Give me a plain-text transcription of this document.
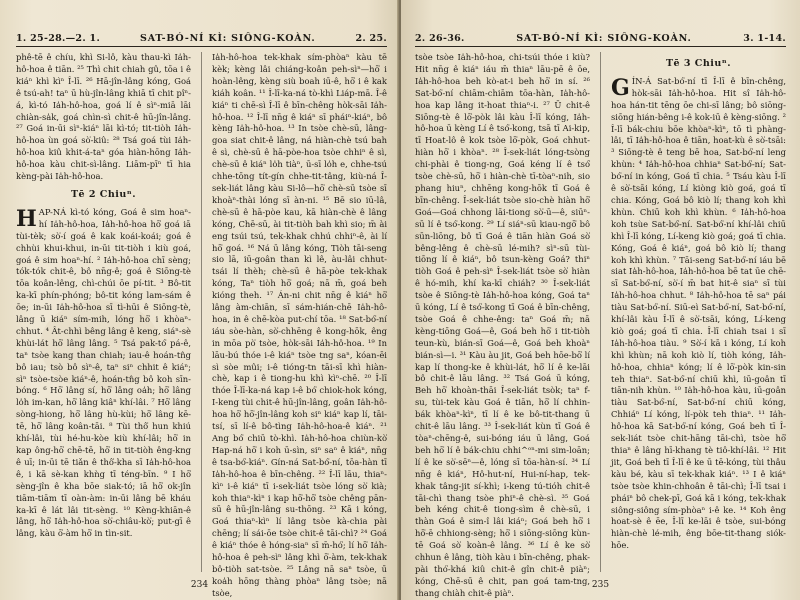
1. 25-28.—2. 1.	SAT-BÓ-NÍ KÌ: SIÔNG-KOÀN.	2. 25.

phê-tē ê chíu, khì Si-lô, kàu thau-kì Ia̍h-hô-hoa ê tiān. ²⁵ Thì chit chiah gû, tōa i ê kiáⁿ khì kìⁿ Î-lī. ²⁶ Hā-jîn-lâng kóng, Goá ê tsú-ah! taⁿ ū hù-jîn-lâng khiā tī chit pîⁿ-á, kì-tó Ia̍h-hô-hoa, goá lí ê sìⁿ-miā lāi chiàn-sa̍k, goá chìn-sì chit-ê hū-jîn-lâng. ²⁷ Goá in-ūi sìⁿ-kiáⁿ lāi kì-tó; tit-tiòh Ia̍h-hô-hoa ùn goá sò͘-kiû: ²⁸ Tsá goá tùi Ia̍h-hô-hoa kiû khit-á-taⁿ góa hiàn-hōng Ia̍h-hô-hoa kàu chit-sì-lâng. Liām-pīⁿ tī hia kèng-pài Ia̍h-hô-hoa.

Tē 2 Chiuⁿ.

HAP-NÁ kì-tó kóng, Goá ê sim hoaⁿ-hí Ia̍h-hô-hoa, Ia̍h-hô-hoa hō͘ goá iā tùi-tèk; sò͘-í goá ê kak koái-koái; goá ê chhùi khui-khui, in-ūi tit-tiòh i kiù goá, goá ê sim hoaⁿ-hí. ² Ia̍h-hô-hoa chī sèng; tók-tók chit-ê, bô nn̄g-ê; goá ê Siōng-tè tōa koân-lêng, chì-chúi ōe pí-tit. ³ Bô-tit ka-kī phín-phóng; bô-tit kóng lam-sám ê ōe; in-ūi Ia̍h-hô-hoa sī tì-hūi ê Siōng-tè, lâng ū kiáⁿ sím-mih, lóng hō͘ i khòaⁿ-chhut. ⁴ Ât-chhì bêng lâng ê keng, siáⁿ-sè khùi-lát hō͘ lâng lâng. ⁵ Tsá pak-tó͘ pá-ê, taⁿ tsòe kang than chiah; iau-ê hoán-tn̂g bô iau; tsò bô sìⁿ-ê, taⁿ siⁿ chhit ê kiáⁿ; sìⁿ tsòe-tsòe kiáⁿ-ê, hoán-tn̂g bô koh sīn-bóng. ⁶ Hō͘ lâng sí, hō͘ lâng oa̍h; hō͘ lâng lo̍h im-kan, hō͘ lâng kiâⁿ khí-lâi. ⁷ Hō͘ lâng sòng-hiong, hō͘ lâng hù-kùi; hō͘ lâng kē-tē, hō͘ lâng koân-tāi. ⁸ Tùi thô͘ hun khiú khí-lâi, tùi hé-hu-kòe kiù khí-lâi; hō͘ in kap ông-hō͘ chē-tē, hō͘ in tit-tiòh êng-kng ê uī; in-ūi tē tiǎn ê thô͘-kha sī Ia̍h-hô-hoa ê, i kā sè-kan khǹg tī téng-bīn. ⁹ I hō͘ sèng-jîn ê kha bōe siak-tó; iā hō͘ ok-jîn tiām-tiām tī oàn-àm: in-ūi lâng bē kháu ka-kī ê lát lâi tit-sèng. ¹⁰ Kèng-khiān-ê lâng, hō͘ Ia̍h-hô-hoa sò͘-chiâu-kò͘; put-gī ê lâng, kàu ō͘-àm hō͘ in tìn-sit.

Ia̍h-hô-hoa tek-khak sím-phòaⁿ kàu tē kèk; kèng lâi chiáng-koân peh-sìⁿ—hō͘ i hoàn-lêng, kèng siù boah iū-ê, hō͘ i ê kak kiáh koân. ¹¹ Î-lī-ka-ná tò-khì Liáp-mā. Î-ê kiáⁿ ti chē-sì Î-lī ê bīn-chêng hòk-sāi Ia̍h-hô-hoa. ¹² Î-lī nn̄g ê kiáⁿ sī pháiⁿ-kiáⁿ, bô kèng Ia̍h-hô-hoa. ¹³ In tsòe chè-sū, lâng-goa siat chit-ê lâng, ná hiàn-chè tsú bah ê sì, chè-sū ê hā-pòe-hoa tsòe chhiⁿ ê sì, chè-sū ê kiáⁿ lo̍h tiàⁿ, ū-sī lo̍h e, chhe-tsú chhe-tōng tít-gín chhe-tit-tâng, kiù-ná Î-sek-liát lâng kàu Si-lô—hō͘ chè-sū tsòe sī khoàⁿ-thài lóng sī àn-ni. ¹⁵ Bē sio iū-lâ, chè-sū ê hā-pòe kau, kā hiàn-chè ê lâng kóng, Chē-sū, ài tit-tiòh bah khì sio; m̄ ài eng tsúi tsú, tek-khak chhú chhiⁿ-ê, ài lí hō͘ goá. ¹⁶ Ná ū lâng kóng, Tiòh tāi-seng sio lā, iū-goân than kì lê, àu-lâi chhut-tsái lí thèh; chè-sū ê hā-pòe tek-khak kóng, Taⁿ tiòh hō͘ goá; nā m̄, goá beh kióng theh. ¹⁷ Án-ni chit nn̄g ê kiáⁿ hō͘ lâng àm-chiān, sī sám-hián-chē Ia̍h-hô-hoa, in ê chē-kòa put-chí tōa. ¹⁸ Sat-bó͘-ní iáu sòe-hàn, sò͘-chhēng ê kong-hōk, êng in mōa pò͘ tsòe, hòk-sāi Ia̍h-hô-hoa. ¹⁹ In lāu-bú thóe i-ê kiáⁿ tsòe tng saⁿ, kóan-ēi sì sòe mûi; i-ê tióng-tn tāi-sī khì hiàn-chè, kap i ê tiong-hu khì kìⁿ-chē. ²⁰ Î-lī thóe Î-lī-ka-ná kap i-ê bó͘ chiok-hok kóng, I-keng tùi chit-ê hū-jîn-lâng, goân Ia̍h-hô-hoa hō͘ hō͘-jîn-lâng koh siⁿ kiáⁿ kap lí, tāi-tsí, sī lí-ê bô-tìng Ia̍h-hô-hoa-ê kiáⁿ. ²¹ Ang bó͘ chiū tò-khì. Ia̍h-hô-hoa chiùn-kò͘ Hap-ná hō͘ i koh ū-sìn, siⁿ saⁿ ê kiáⁿ, nn̄g ê tsa-bó͘-kiáⁿ. Gín-ná Sat-bó͘-ní, tōa-hàn tī Ia̍h-hô-hoa ê bīn-chêng. ²² Î-lī lāu, thiaⁿ-kìⁿ i-ê kiáⁿ tī i-sek-liát tsòe lóng sò͘ kià; koh thiaⁿ-kìⁿ i kap hō͘-hō͘ tsòe chêng pān-sū ê hū-jîn-lâng su-thōng. ²³ Kā i kóng, Goá thiaⁿ-kìⁿ lí lâng tsòe kà-chia pài chēng; lí sái-ōe tsòe chit-ê tāi-chì? ²⁴ Goá ê kiáⁿ thóe ê hóng-siaⁿ sī m̄-hó͘; lí hō͘ Ia̍h-hô-hoa ê peh-sìⁿ lâng khì ō͘-àm, tek-khak bô-tiòh sat-tsòe. ²⁵ Lâng nā saⁿ tsòe, ū koa̍h hōng thàng phòaⁿ lâng tsòe; nā tsòe,

234
2. 26-36.	SAT-BÓ-NÍ KÌ: SIÔNG-KOÀN.	3. 1-14.

tsòe tsòe Ia̍h-hô-hoa, chi-tsúi thóe i kiù? Hit nn̄g ê kiáⁿ iáu m̄ thiaⁿ lāu-pē ê ōe, Ia̍h-hô-hoa beh kò-at-i beh hō͘ in sí. ²⁶ Sat-bó͘-ní chiām-chiām tōa-hàn, Ia̍h-hô-hoa kap lâng it-hoat thiaⁿ-i. ²⁷ Ū chit-ê Siōng-tè ê lō͘-pòk lâi kàu Î-lī kóng, Ia̍h-hô-hoa ū kèng Lí ê tsó͘-kong, tsā tī Ai-kip, tī Hoat-lô ê kok tsòe lō͘-pòk, Goá chhut-hiàn hō͘ i khòaⁿ. ²⁸ Î-sek-liát lóng-tsòng chi-phài ê tiong-ng, Goá kéng lí ê tsó͘ tsòe chè-sū, hō͘ i hiàn-chè tī-tòaⁿ-nih, sio phang hiuⁿ, chhēng kong-hōk tī Goá ê bīn-chêng. Î-sek-liát tsòe sio-chè hiàn hō͘ Goá—Goá chhong lāi-tiong sò͘-ū—ê, siūⁿ-sū lí ê tsó͘-kong. ²⁹ Lí siáⁿ-sū kiau-ngō͘ bô sūn-liōng, bô tī Goá ê tiān hiàn Goá sò͘ bêng-lêng ê chè-sū lé-mih? sìⁿ-sū tùi-tiōng lí ê kiáⁿ, bô tsun-kèng Goá? thiⁿ tiòh Goá ê peh-sìⁿ Î-sek-liát tsòe sò͘ hiàn ê hó-mih, khí ka-kī chiáh? ³⁰ Î-sek-liát tsòe ê Siōng-tè Ia̍h-hô-hoa kóng, Goá taⁿ ū kóng, Lí ê tsó͘-kong tī Goá ê bīn-chêng, tsòe Goá ê chhe-êng: taⁿ Goá m̄; nā kèng-tiōng Goá—ê, Goá beh hō͘ i tit-tiòh teun-kù, bián-sī Goá—ê, Goá beh khoàⁿ bián-sì—i. ³¹ Kàu àu jit, Goá beh hōe-bō͘ lí kap lí thong-ke ê khùi-lát, hō͘ lí ê ke-lāi bô chit-ê lāu lâng. ³² Tsá Goá ū kóng, Beh hō͘ khoàn-thāi Î-sek-liát tsòk; taⁿ f-su, tùi-tek kàu Goá ê tiān, hō͘ lí chhin-bák khòaⁿ-kìⁿ, tī lí ê ke bô-tit-thang ū chit-ê lāu lâng. ³³ Î-sek-liát kùn tī Goá ê tòaⁿ-chēng-ê, sui-bóng iáu ū lâng, Goá beh hō͘ lí ê bák-chiu chhi^ᵒⁿ-mi sim-loān; lí ê ke sò͘-sēⁿ—ê, lóng sī tōa-hàn-sí. ³⁴ Lí nn̄g ê kiáⁿ, Hô-hut-ní, Hui-ní-hap, tek-khak tâng-jit sí-khì; i-keng tú-tióh chit-ê tāi-chì thang tsòe phiⁿ-ê chè-sì. ³⁵ Goá beh kéng chit-ê tiong-sìm ê chè-sū, i thàn Goá ê sim-î lâi kiáⁿ; Goá beh hō͘ i hō͘-ē chhiong-sèng; hō͘ i siōng-siōng kùn-tē Goá sò͘ koàn-ê lâng. ³⁶ Lí ê ke sò͘ chhun ê lâng, tiòh kàu i bīn-chêng, phak-pài thó͘-khá kiû chit-ê gîn chit-ê piàⁿ; kóng, Chē-sū ê chit, pan goá tam-tng, thang chiàh chit-ê piàⁿ.

Tē 3 Chiuⁿ.

GÍN-Á Sat-bó͘-ní tī Î-lī ê bīn-chêng, hòk-sāi Ia̍h-hô-hoa. Hit sî Ia̍h-hô-hoa hán-tit tēng ōe chi-sī lâng; bô siōng-siōng hián-bêng i-ê kok-iū ê kèng-siōng. ² Î-lī bák-chiu bōe khòaⁿ-kìⁿ, tō tì phàng-lâi, tī Ia̍h-hô-hoa ê tiān, hoat-kù ê sò͘-tsāi: ³ Siōng-tè ê teng bē hoa, Sat-bó͘-ní leng khùn: ⁴ Ia̍h-hô-hoa chhiaⁿ Sat-bó͘-ní; Sat-bó͘-ní in kóng, Goá tī chia. ⁵ Tsáu kàu Î-lī ê sò͘-tsāi kóng, Lí kiòng kiò goá, goá tī chia. Kóng, Goá bô kiò lí; thang koh khì khùn. Chiū koh khì khùn. ⁶ Ia̍h-hô-hoa koh tsùe Sat-bó͘-ní. Sat-bó͘-ní khí-lâi chiū khì Î-lī kóng, Lí-keng kiò goá; goá tī chia. Kóng, Goá ê kiáⁿ, goá bô kiò lí; thang koh khì khùn. ⁷ Tāi-seng Sat-bó͘-ní iáu bē siat Ia̍h-hô-hoa, Ia̍h-hô-hoa bē tat ūe chē-sī Sat-bó͘-ní, sò͘-í m̄ bat hit-ê siaⁿ sī tùi Ia̍h-hô-hoa chhut. ⁸ Ia̍h-hô-hoa tē saⁿ pái tiàu Sat-bó͘-ní. Siū-eì Sat-bó͘-ní, Sat-bó͘-ní, khí-lâi kàu Î-lī ê sò͘-tsāi, kóng, Lí-keng kiò goá; goá tī chia. Î-lī chiah tsai i sī Ia̍h-hô-hoa tiàu. ⁹ Sò͘-í kā i kóng, Lí koh khì khùn; nā koh kiò lí, tiòh kóng, Ia̍h-hô-hoa, chhiaⁿ kóng; lí ê lō͘-pòk kin-sin teh thiaⁿ. Sat-bó͘-ní chiū khì, iū-goân tī tiān-nih khùn. ¹⁰ Ia̍h-hô-hoa kàu, iū-goân tiàu Sat-bó͘-ní, Sat-bó͘-ní chiū kóng, Chhiáⁿ Lí kóng, lí-pòk teh thiaⁿ. ¹¹ Ia̍h-hô-hoa kā Sat-bó͘-ní kóng, Goá beh tī Î-sek-liát tsòe chit-hāng tāi-chì, tsòe hō͘ thiaⁿ ê lâng hī-khang tè tiô-khí-lâi. ¹² Hit jit, Goá beh tī Î-lī ê ke ū tē-kóng, tùi thâu kàu bé, kàu sī tek-khak kiáⁿ. ¹³ I ê kiáⁿ tsòe tsòe khin-chhoân ê tāi-chì; Î-lī tsai i pháiⁿ bô chek-pī, Goá kā i kóng, tek-khak siông-siông sím-phòaⁿ i-ê ke. ¹⁴ Koh êng hoat-sè ê ēe, Î-lī ke-lāi ê tsòe, sui-bóng hiàn-chè lé-mih, êng bōe-tit-thang siók-hōe.

235
